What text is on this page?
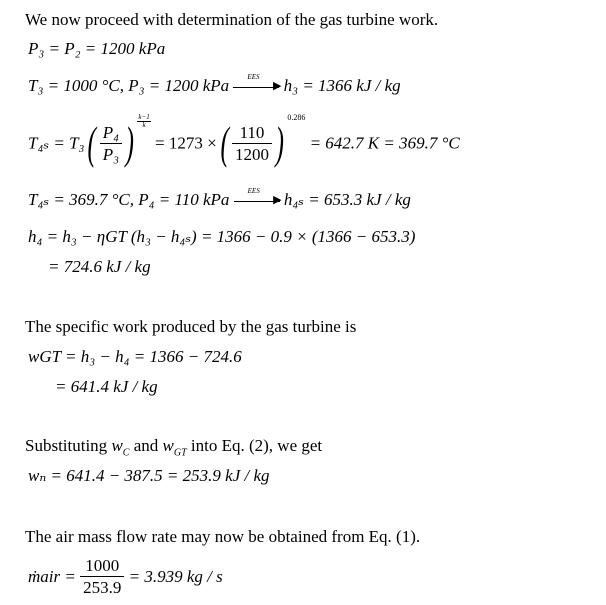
We now proceed with determination of the gas turbine work.
P₃ = P₂ = 1200 kPa
T₃ = 1000 °C, P₃ = 1200 kPa	EES
▶ h₃ = 1366 kJ / kg
$T_{4s} = T_3( \frac{\text{P₄}}{\text{P₃}}$ ) $\frac{k-1}{k}$
= 1273 ×( $\frac{110}{1200}$ ) 0.286 = 642.7 K = 369.7 °C
T₄ₛ = 369.7 °C, P₄ = 110 kPa	EES
▶ h₄ₛ = 653.3 kJ / kg
h₄ = h₃ − ηGT (h₃ − h₄ₛ) = 1366 − 0.9 × (1366 − 653.3)
= 724.6 kJ / kg
The specific work produced by the gas turbine is
wGT = h₃ − h₄ = 1366 − 724.6
= 641.4 kJ / kg
Substituting $w_C$ and $w_{GT}$ into Eq. (2), we get
wₙ = 641.4 − 387.5 = 253.9 kJ / kg
The air mass flow rate may now be obtained from Eq. (1).
ṁair = $\frac{1000}{253.9} = 3.939$ kg / s
